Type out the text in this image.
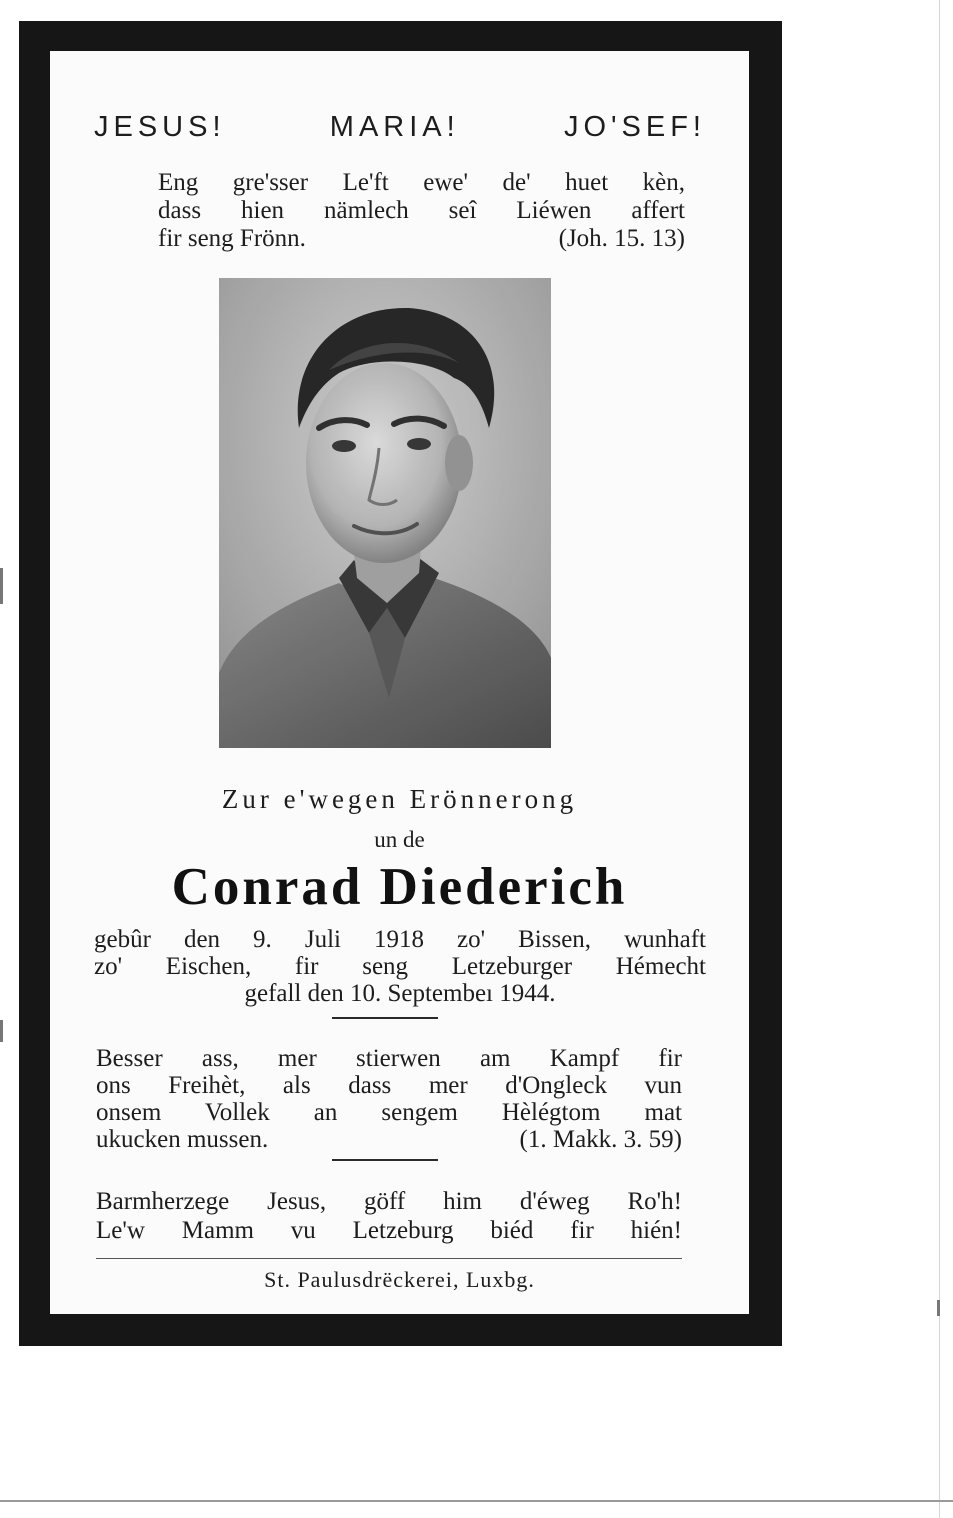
JESUS!	MARIA!	JO'SEF!
Eng gre'sser Le'ft ewe' de' huet kèn,
dass hien nämlech seî Liéwen affert
fir seng Frönn.	(Joh. 15. 13)
Zur e'wegen Erönnerong
un de
Conrad Diederich
gebûr den 9. Juli 1918 zo' Bissen, wunhaft
zo' Eischen, fir seng Letzeburger Hémecht
gefall den 10. Septembeı 1944.
Besser ass, mer stierwen am Kampf fir
ons Freihèt, als dass mer d'Ongleck vun
onsem Vollek an sengem Hèlégtom mat
ukucken mussen.	(1. Makk. 3. 59)
Barmherzege Jesus, göff him d'éweg Ro'h!
Le'w Mamm vu Letzeburg biéd fir hién!
St. Paulusdrëckerei, Luxbg.
